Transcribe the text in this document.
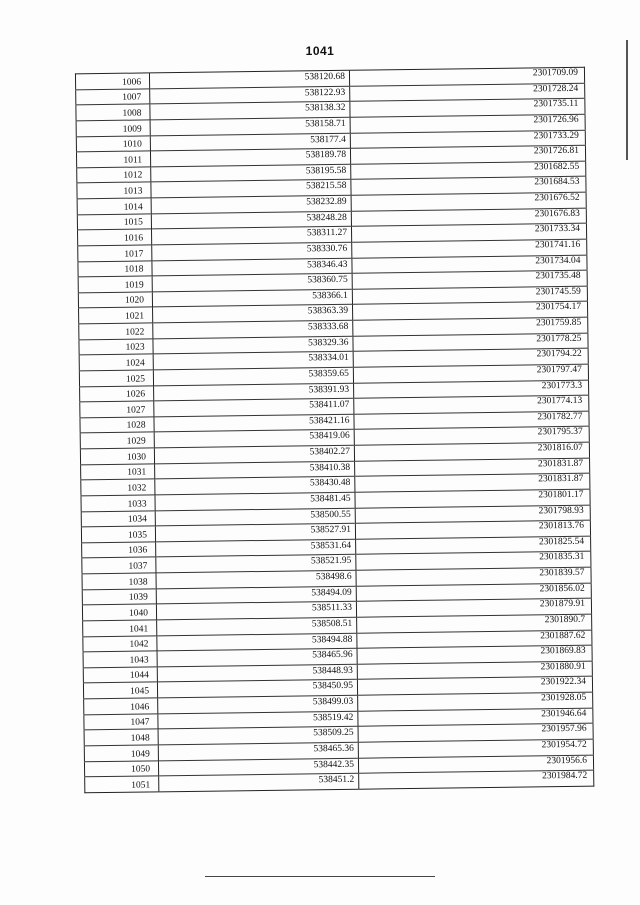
1041
1006	538120.68	2301709.09
1007	538122.93	2301728.24
1008	538138.32	2301735.11
1009	538158.71	2301726.96
1010	538177.4	2301733.29
1011	538189.78	2301726.81
1012	538195.58	2301682.55
1013	538215.58	2301684.53
1014	538232.89	2301676.52
1015	538248.28	2301676.83
1016	538311.27	2301733.34
1017	538330.76	2301741.16
1018	538346.43	2301734.04
1019	538360.75	2301735.48
1020	538366.1	2301745.59
1021	538363.39	2301754.17
1022	538333.68	2301759.85
1023	538329.36	2301778.25
1024	538334.01	2301794.22
1025	538359.65	2301797.47
1026	538391.93	2301773.3
1027	538411.07	2301774.13
1028	538421.16	2301782.77
1029	538419.06	2301795.37
1030	538402.27	2301816.07
1031	538410.38	2301831.87
1032	538430.48	2301831.87
1033	538481.45	2301801.17
1034	538500.55	2301798.93
1035	538527.91	2301813.76
1036	538531.64	2301825.54
1037	538521.95	2301835.31
1038	538498.6	2301839.57
1039	538494.09	2301856.02
1040	538511.33	2301879.91
1041	538508.51	2301890.7
1042	538494.88	2301887.62
1043	538465.96	2301869.83
1044	538448.93	2301880.91
1045	538450.95	2301922.34
1046	538499.03	2301928.05
1047	538519.42	2301946.64
1048	538509.25	2301957.96
1049	538465.36	2301954.72
1050	538442.35	2301956.6
1051	538451.2	2301984.72
